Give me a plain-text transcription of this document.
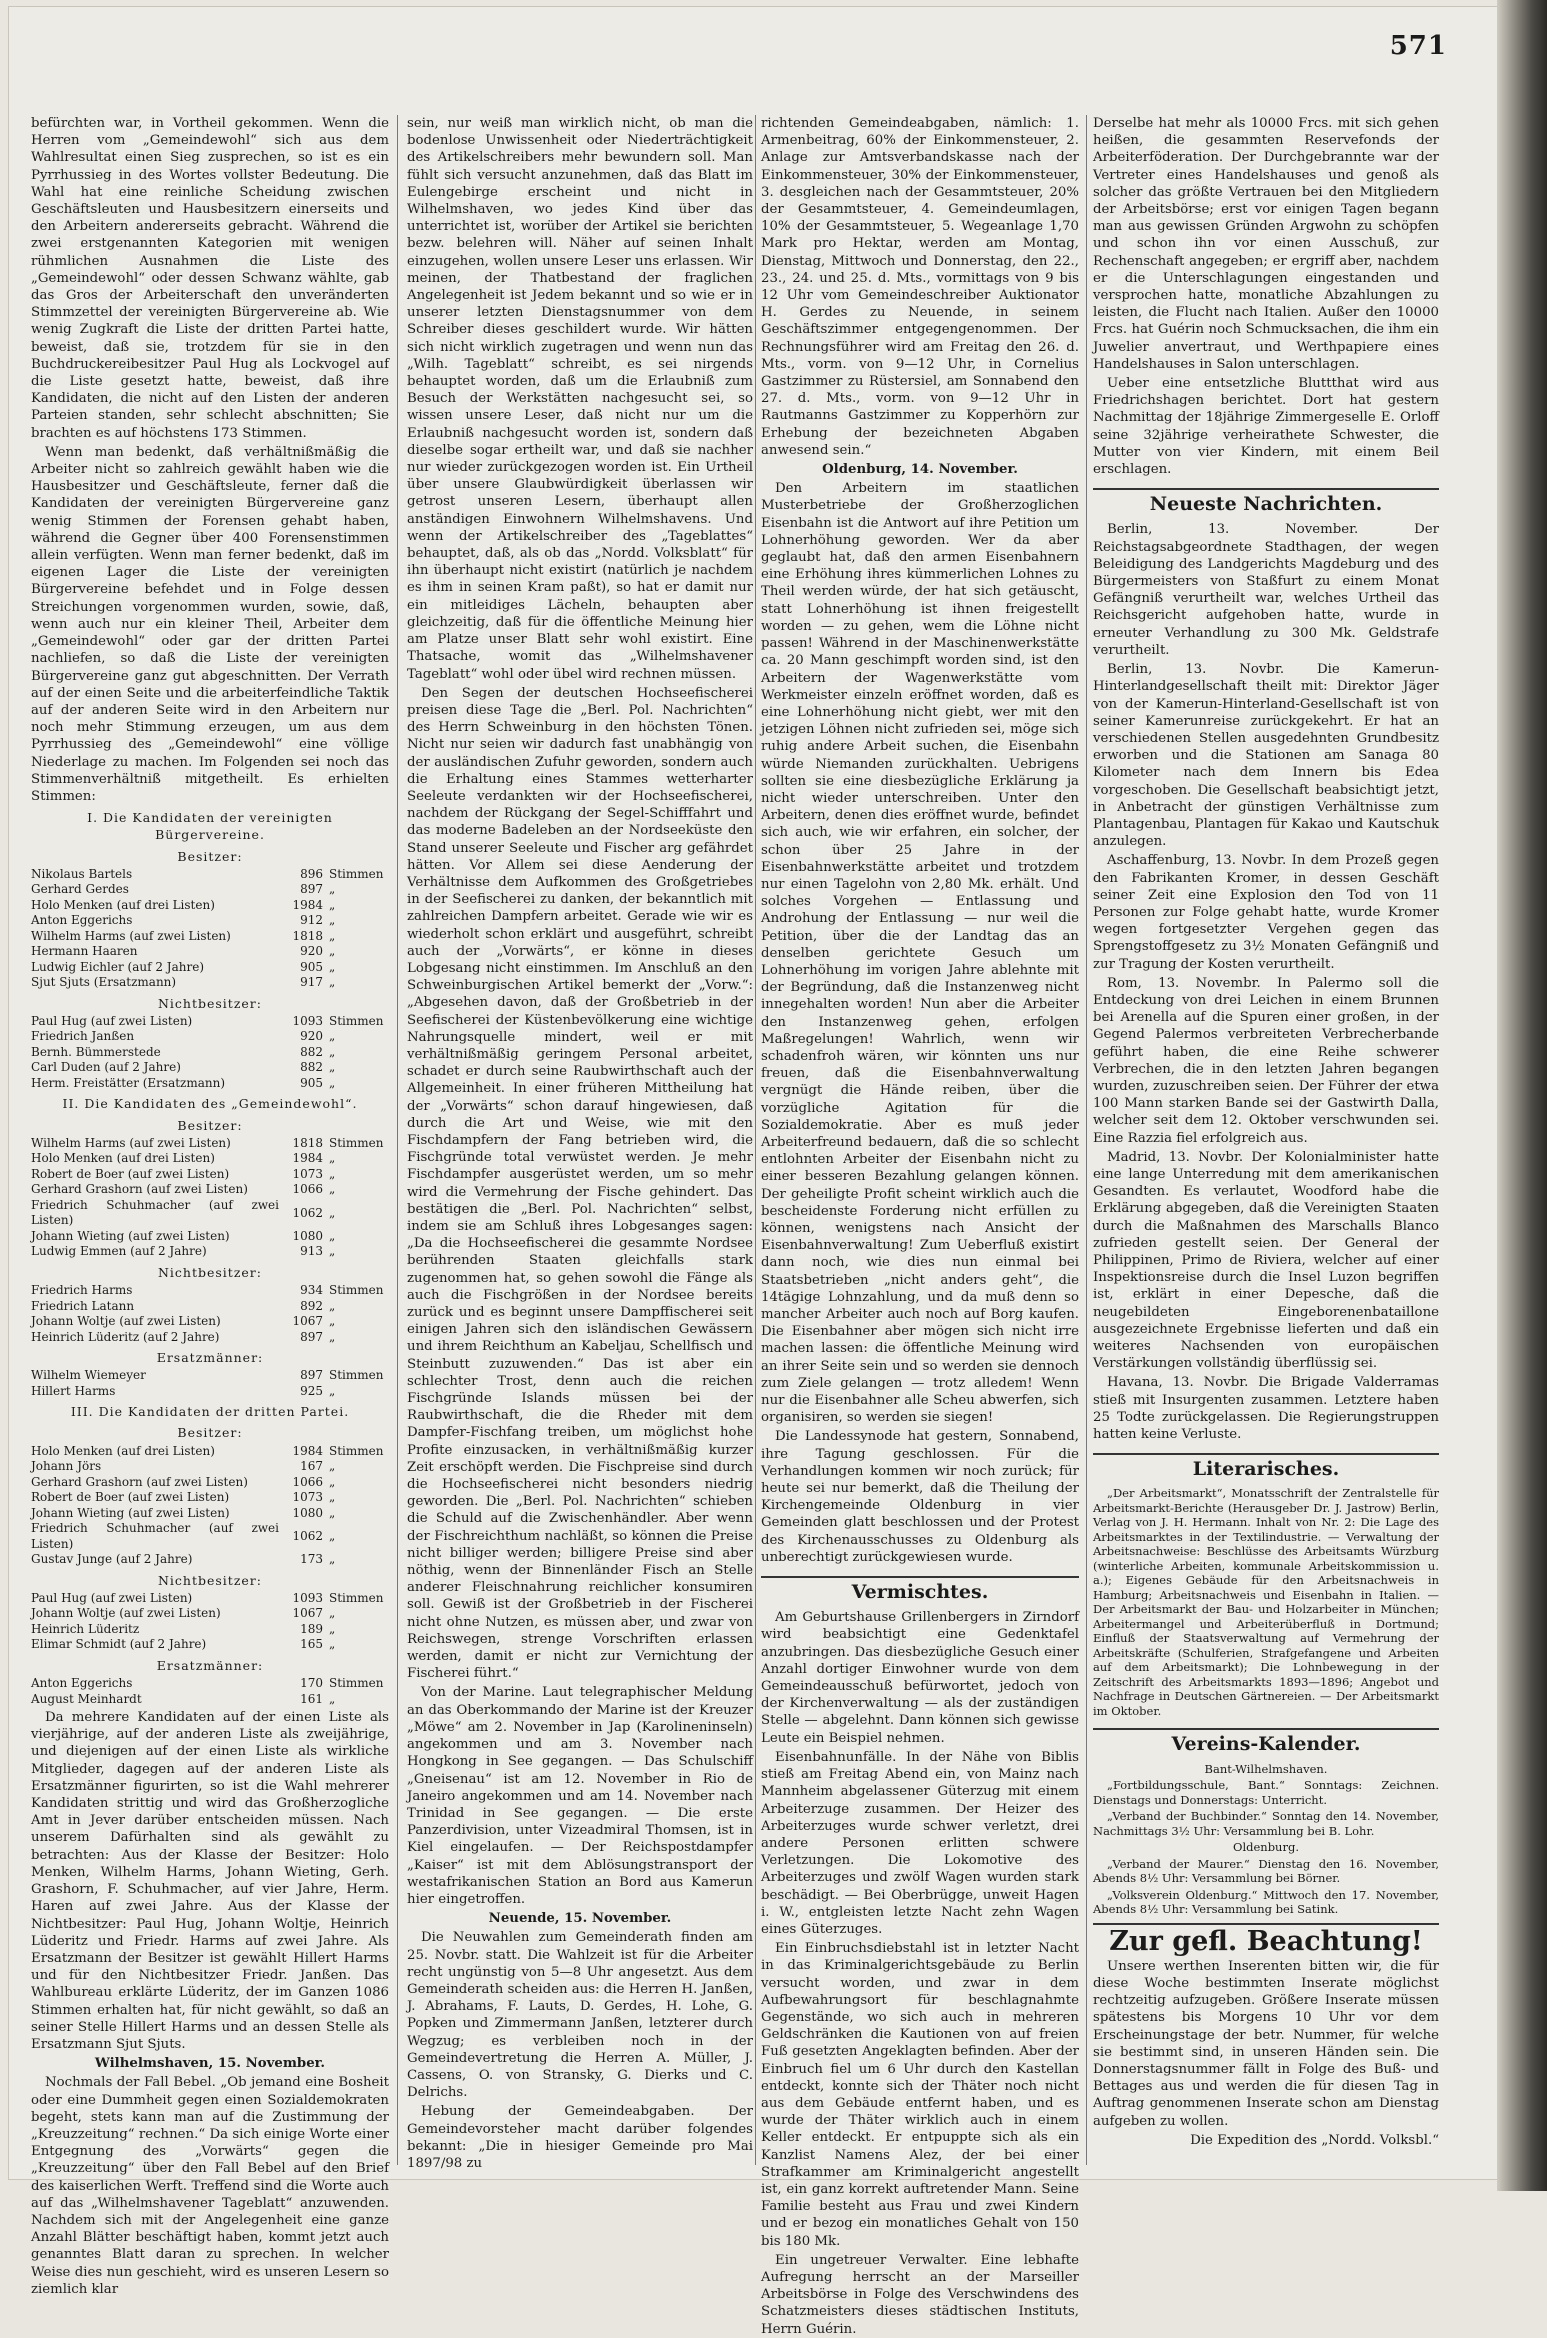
571

befürchten war, in Vortheil gekommen. Wenn die Herren vom „Gemeindewohl“ sich aus dem Wahlresultat einen Sieg zusprechen, so ist es ein Pyrrhussieg in des Wortes vollster Bedeutung. Die Wahl hat eine reinliche Scheidung zwischen Geschäftsleuten und Hausbesitzern einerseits und den Arbeitern andererseits gebracht. Während die zwei erstgenannten Kategorien mit wenigen rühmlichen Ausnahmen die Liste des „Gemeindewohl“ oder dessen Schwanz wählte, gab das Gros der Arbeiterschaft den unveränderten Stimmzettel der vereinigten Bürgervereine ab. Wie wenig Zugkraft die Liste der dritten Partei hatte, beweist, daß sie, trotzdem für sie in den Buchdruckereibesitzer Paul Hug als Lockvogel auf die Liste gesetzt hatte, beweist, daß ihre Kandidaten, die nicht auf den Listen der anderen Parteien standen, sehr schlecht abschnitten; Sie brachten es auf höchstens 173 Stimmen.

Wenn man bedenkt, daß verhältnißmäßig die Arbeiter nicht so zahlreich gewählt haben wie die Hausbesitzer und Geschäftsleute, ferner daß die Kandidaten der vereinigten Bürgervereine ganz wenig Stimmen der Forensen gehabt haben, während die Gegner über 400 Forensenstimmen allein verfügten. Wenn man ferner bedenkt, daß im eigenen Lager die Liste der vereinigten Bürgervereine befehdet und in Folge dessen Streichungen vorgenommen wurden, sowie, daß, wenn auch nur ein kleiner Theil, Arbeiter dem „Gemeindewohl“ oder gar der dritten Partei nachliefen, so daß die Liste der vereinigten Bürgervereine ganz gut abgeschnitten. Der Verrath auf der einen Seite und die arbeiterfeindliche Taktik auf der anderen Seite wird in den Arbeitern nur noch mehr Stimmung erzeugen, um aus dem Pyrrhussieg des „Gemeindewohl“ eine völlige Niederlage zu machen. Im Folgenden sei noch das Stimmenverhältniß mitgetheilt. Es erhielten Stimmen:

I. Die Kandidaten der vereinigten Bürgervereine.
Besitzer:
Nikolaus Bartels	896	Stimmen
Gerhard Gerdes	897	„
Holo Menken (auf drei Listen)	1984	„
Anton Eggerichs	912	„
Wilhelm Harms (auf zwei Listen)	1818	„
Hermann Haaren	920	„
Ludwig Eichler (auf 2 Jahre)	905	„
Sjut Sjuts (Ersatzmann)	917	„
Nichtbesitzer:
Paul Hug (auf zwei Listen)	1093	Stimmen
Friedrich Janßen	920	„
Bernh. Bümmerstede	882	„
Carl Duden (auf 2 Jahre)	882	„
Herm. Freistätter (Ersatzmann)	905	„
II. Die Kandidaten des „Gemeindewohl“.
Besitzer:
Wilhelm Harms (auf zwei Listen)	1818	Stimmen
Holo Menken (auf drei Listen)	1984	„
Robert de Boer (auf zwei Listen)	1073	„
Gerhard Grashorn (auf zwei Listen)	1066	„
Friedrich Schuhmacher (auf zwei Listen)	1062	„
Johann Wieting (auf zwei Listen)	1080	„
Ludwig Emmen (auf 2 Jahre)	913	„
Nichtbesitzer:
Friedrich Harms	934	Stimmen
Friedrich Latann	892	„
Johann Woltje (auf zwei Listen)	1067	„
Heinrich Lüderitz (auf 2 Jahre)	897	„
Ersatzmänner:
Wilhelm Wiemeyer	897	Stimmen
Hillert Harms	925	„
III. Die Kandidaten der dritten Partei.
Besitzer:
Holo Menken (auf drei Listen)	1984	Stimmen
Johann Jörs	167	„
Gerhard Grashorn (auf zwei Listen)	1066	„
Robert de Boer (auf zwei Listen)	1073	„
Johann Wieting (auf zwei Listen)	1080	„
Friedrich Schuhmacher (auf zwei Listen)	1062	„
Gustav Junge (auf 2 Jahre)	173	„
Nichtbesitzer:
Paul Hug (auf zwei Listen)	1093	Stimmen
Johann Woltje (auf zwei Listen)	1067	„
Heinrich Lüderitz	189	„
Elimar Schmidt (auf 2 Jahre)	165	„
Ersatzmänner:
Anton Eggerichs	170	Stimmen
August Meinhardt	161	„

Da mehrere Kandidaten auf der einen Liste als vierjährige, auf der anderen Liste als zweijährige, und diejenigen auf der einen Liste als wirkliche Mitglieder, dagegen auf der anderen Liste als Ersatzmänner figurirten, so ist die Wahl mehrerer Kandidaten strittig und wird das Großherzogliche Amt in Jever darüber entscheiden müssen. Nach unserem Dafürhalten sind als gewählt zu betrachten: Aus der Klasse der Besitzer: Holo Menken, Wilhelm Harms, Johann Wieting, Gerh. Grashorn, F. Schuhmacher, auf vier Jahre, Herm. Haren auf zwei Jahre. Aus der Klasse der Nichtbesitzer: Paul Hug, Johann Woltje, Heinrich Lüderitz und Friedr. Harms auf zwei Jahre. Als Ersatzmann der Besitzer ist gewählt Hillert Harms und für den Nichtbesitzer Friedr. Janßen. Das Wahlbureau erklärte Lüderitz, der im Ganzen 1086 Stimmen erhalten hat, für nicht gewählt, so daß an seiner Stelle Hillert Harms und an dessen Stelle als Ersatzmann Sjut Sjuts.

Wilhelmshaven, 15. November.

Nochmals der Fall Bebel. „Ob jemand eine Bosheit oder eine Dummheit gegen einen Sozialdemokraten begeht, stets kann man auf die Zustimmung der „Kreuzzeitung“ rechnen.“ Da sich einige Worte einer Entgegnung des „Vorwärts“ gegen die „Kreuzzeitung“ über den Fall Bebel auf den Brief des kaiserlichen Werft. Treffend sind die Worte auch auf das „Wilhelmshavener Tageblatt“ anzuwenden. Nachdem sich mit der Angelegenheit eine ganze Anzahl Blätter beschäftigt haben, kommt jetzt auch genanntes Blatt daran zu sprechen. In welcher Weise dies nun geschieht, wird es unseren Lesern so ziemlich klar

sein, nur weiß man wirklich nicht, ob man die bodenlose Unwissenheit oder Niederträchtigkeit des Artikelschreibers mehr bewundern soll. Man fühlt sich versucht anzunehmen, daß das Blatt im Eulengebirge erscheint und nicht in Wilhelmshaven, wo jedes Kind über das unterrichtet ist, worüber der Artikel sie berichten bezw. belehren will. Näher auf seinen Inhalt einzugehen, wollen unsere Leser uns erlassen. Wir meinen, der Thatbestand der fraglichen Angelegenheit ist Jedem bekannt und so wie er in unserer letzten Dienstagsnummer von dem Schreiber dieses geschildert wurde. Wir hätten sich nicht wirklich zugetragen und wenn nun das „Wilh. Tageblatt“ schreibt, es sei nirgends behauptet worden, daß um die Erlaubniß zum Besuch der Werkstätten nachgesucht sei, so wissen unsere Leser, daß nicht nur um die Erlaubniß nachgesucht worden ist, sondern daß dieselbe sogar ertheilt war, und daß sie nachher nur wieder zurückgezogen worden ist. Ein Urtheil über unsere Glaubwürdigkeit überlassen wir getrost unseren Lesern, überhaupt allen anständigen Einwohnern Wilhelmshavens. Und wenn der Artikelschreiber des „Tageblattes“ behauptet, daß, als ob das „Nordd. Volksblatt“ für ihn überhaupt nicht existirt (natürlich je nachdem es ihm in seinen Kram paßt), so hat er damit nur ein mitleidiges Lächeln, behaupten aber gleichzeitig, daß für die öffentliche Meinung hier am Platze unser Blatt sehr wohl existirt. Eine Thatsache, womit das „Wilhelmshavener Tageblatt“ wohl oder übel wird rechnen müssen.

Den Segen der deutschen Hochseefischerei preisen diese Tage die „Berl. Pol. Nachrichten“ des Herrn Schweinburg in den höchsten Tönen. Nicht nur seien wir dadurch fast unabhängig von der ausländischen Zufuhr geworden, sondern auch die Erhaltung eines Stammes wetterharter Seeleute verdankten wir der Hochseefischerei, nachdem der Rückgang der Segel-Schifffahrt und das moderne Badeleben an der Nordseeküste den Stand unserer Seeleute und Fischer arg gefährdet hätten. Vor Allem sei diese Aenderung der Verhältnisse dem Aufkommen des Großgetriebes in der Seefischerei zu danken, der bekanntlich mit zahlreichen Dampfern arbeitet. Gerade wie wir es wiederholt schon erklärt und ausgeführt, schreibt auch der „Vorwärts“, er könne in dieses Lobgesang nicht einstimmen. Im Anschluß an den Schweinburgischen Artikel bemerkt der „Vorw.“: „Abgesehen davon, daß der Großbetrieb in der Seefischerei der Küstenbevölkerung eine wichtige Nahrungsquelle mindert, weil er mit verhältnißmäßig geringem Personal arbeitet, schadet er durch seine Raubwirthschaft auch der Allgemeinheit. In einer früheren Mittheilung hat der „Vorwärts“ schon darauf hingewiesen, daß durch die Art und Weise, wie mit den Fischdampfern der Fang betrieben wird, die Fischgründe total verwüstet werden. Je mehr Fischdampfer ausgerüstet werden, um so mehr wird die Vermehrung der Fische gehindert. Das bestätigen die „Berl. Pol. Nachrichten“ selbst, indem sie am Schluß ihres Lobgesanges sagen: „Da die Hochseefischerei die gesammte Nordsee berührenden Staaten gleichfalls stark zugenommen hat, so gehen sowohl die Fänge als auch die Fischgrößen in der Nordsee bereits zurück und es beginnt unsere Dampffischerei seit einigen Jahren sich den isländischen Gewässern und ihrem Reichthum an Kabeljau, Schellfisch und Steinbutt zuzuwenden.“ Das ist aber ein schlechter Trost, denn auch die reichen Fischgründe Islands müssen bei der Raubwirthschaft, die die Rheder mit dem Dampfer-Fischfang treiben, um möglichst hohe Profite einzusacken, in verhältnißmäßig kurzer Zeit erschöpft werden. Die Fischpreise sind durch die Hochseefischerei nicht besonders niedrig geworden. Die „Berl. Pol. Nachrichten“ schieben die Schuld auf die Zwischenhändler. Aber wenn der Fischreichthum nachläßt, so können die Preise nicht billiger werden; billigere Preise sind aber nöthig, wenn der Binnenländer Fisch an Stelle anderer Fleischnahrung reichlicher konsumiren soll. Gewiß ist der Großbetrieb in der Fischerei nicht ohne Nutzen, es müssen aber, und zwar von Reichswegen, strenge Vorschriften erlassen werden, damit er nicht zur Vernichtung der Fischerei führt.“

Von der Marine. Laut telegraphischer Meldung an das Oberkommando der Marine ist der Kreuzer „Möwe“ am 2. November in Jap (Karolineninseln) angekommen und am 3. November nach Hongkong in See gegangen. — Das Schulschiff „Gneisenau“ ist am 12. November in Rio de Janeiro angekommen und am 14. November nach Trinidad in See gegangen. — Die erste Panzerdivision, unter Vizeadmiral Thomsen, ist in Kiel eingelaufen. — Der Reichspostdampfer „Kaiser“ ist mit dem Ablösungstransport der westafrikanischen Station an Bord aus Kamerun hier eingetroffen.

Neuende, 15. November.

Die Neuwahlen zum Gemeinderath finden am 25. Novbr. statt. Die Wahlzeit ist für die Arbeiter recht ungünstig von 5—8 Uhr angesetzt. Aus dem Gemeinderath scheiden aus: die Herren H. Janßen, J. Abrahams, F. Lauts, D. Gerdes, H. Lohe, G. Popken und Zimmermann Janßen, letzterer durch Wegzug; es verbleiben noch in der Gemeindevertretung die Herren A. Müller, J. Cassens, O. von Stransky, G. Dierks und C. Delrichs.

Hebung der Gemeindeabgaben. Der Gemeindevorsteher macht darüber folgendes bekannt: „Die in hiesiger Gemeinde pro Mai 1897/98 zu

richtenden Gemeindeabgaben, nämlich: 1. Armenbeitrag, 60% der Einkommensteuer, 2. Anlage zur Amtsverbandskasse nach der Einkommensteuer, 30% der Einkommensteuer, 3. desgleichen nach der Gesammtsteuer, 20% der Gesammtsteuer, 4. Gemeindeumlagen, 10% der Gesammtsteuer, 5. Wegeanlage 1,70 Mark pro Hektar, werden am Montag, Dienstag, Mittwoch und Donnerstag, den 22., 23., 24. und 25. d. Mts., vormittags von 9 bis 12 Uhr vom Gemeindeschreiber Auktionator H. Gerdes zu Neuende, in seinem Geschäftszimmer entgegengenommen. Der Rechnungsführer wird am Freitag den 26. d. Mts., vorm. von 9—12 Uhr, in Cornelius Gastzimmer zu Rüstersiel, am Sonnabend den 27. d. Mts., vorm. von 9—12 Uhr in Rautmanns Gastzimmer zu Kopperhörn zur Erhebung der bezeichneten Abgaben anwesend sein.“

Oldenburg, 14. November.

Den Arbeitern im staatlichen Musterbetriebe der Großherzoglichen Eisenbahn ist die Antwort auf ihre Petition um Lohnerhöhung geworden. Wer da aber geglaubt hat, daß den armen Eisenbahnern eine Erhöhung ihres kümmerlichen Lohnes zu Theil werden würde, der hat sich getäuscht, statt Lohnerhöhung ist ihnen freigestellt worden — zu gehen, wem die Löhne nicht passen! Während in der Maschinenwerkstätte ca. 20 Mann geschimpft worden sind, ist den Arbeitern der Wagenwerkstätte vom Werkmeister einzeln eröffnet worden, daß es eine Lohnerhöhung nicht giebt, wer mit den jetzigen Löhnen nicht zufrieden sei, möge sich ruhig andere Arbeit suchen, die Eisenbahn würde Niemanden zurückhalten. Uebrigens sollten sie eine diesbezügliche Erklärung ja nicht wieder unterschreiben. Unter den Arbeitern, denen dies eröffnet wurde, befindet sich auch, wie wir erfahren, ein solcher, der schon über 25 Jahre in der Eisenbahnwerkstätte arbeitet und trotzdem nur einen Tagelohn von 2,80 Mk. erhält. Und solches Vorgehen — Entlassung und Androhung der Entlassung — nur weil die Petition, über die der Landtag das an denselben gerichtete Gesuch um Lohnerhöhung im vorigen Jahre ablehnte mit der Begründung, daß die Instanzenweg nicht innegehalten worden! Nun aber die Arbeiter den Instanzenweg gehen, erfolgen Maßregelungen! Wahrlich, wenn wir schadenfroh wären, wir könnten uns nur freuen, daß die Eisenbahnverwaltung vergnügt die Hände reiben, über die vorzügliche Agitation für die Sozialdemokratie. Aber es muß jeder Arbeiterfreund bedauern, daß die so schlecht entlohnten Arbeiter der Eisenbahn nicht zu einer besseren Bezahlung gelangen können. Der geheiligte Profit scheint wirklich auch die bescheidenste Forderung nicht erfüllen zu können, wenigstens nach Ansicht der Eisenbahnverwaltung! Zum Ueberfluß existirt dann noch, wie dies nun einmal bei Staatsbetrieben „nicht anders geht“, die 14tägige Lohnzahlung, und da muß denn so mancher Arbeiter auch noch auf Borg kaufen. Die Eisenbahner aber mögen sich nicht irre machen lassen: die öffentliche Meinung wird an ihrer Seite sein und so werden sie dennoch zum Ziele gelangen — trotz alledem! Wenn nur die Eisenbahner alle Scheu abwerfen, sich organisiren, so werden sie siegen!

Die Landessynode hat gestern, Sonnabend, ihre Tagung geschlossen. Für die Verhandlungen kommen wir noch zurück; für heute sei nur bemerkt, daß die Theilung der Kirchengemeinde Oldenburg in vier Gemeinden glatt beschlossen und der Protest des Kirchenausschusses zu Oldenburg als unberechtigt zurückgewiesen wurde.

Vermischtes.

Am Geburtshause Grillenbergers in Zirndorf wird beabsichtigt eine Gedenktafel anzubringen. Das diesbezügliche Gesuch einer Anzahl dortiger Einwohner wurde von dem Gemeindeausschuß befürwortet, jedoch von der Kirchenverwaltung — als der zuständigen Stelle — abgelehnt. Dann können sich gewisse Leute ein Beispiel nehmen.

Eisenbahnunfälle. In der Nähe von Biblis stieß am Freitag Abend ein, von Mainz nach Mannheim abgelassener Güterzug mit einem Arbeiterzuge zusammen. Der Heizer des Arbeiterzuges wurde schwer verletzt, drei andere Personen erlitten schwere Verletzungen. Die Lokomotive des Arbeiterzuges und zwölf Wagen wurden stark beschädigt. — Bei Oberbrügge, unweit Hagen i. W., entgleisten letzte Nacht zehn Wagen eines Güterzuges.

Ein Einbruchsdiebstahl ist in letzter Nacht in das Kriminalgerichtsgebäude zu Berlin versucht worden, und zwar in dem Aufbewahrungsort für beschlagnahmte Gegenstände, wo sich auch in mehreren Geldschränken die Kautionen von auf freien Fuß gesetzten Angeklagten befinden. Aber der Einbruch fiel um 6 Uhr durch den Kastellan entdeckt, konnte sich der Thäter noch nicht aus dem Gebäude entfernt haben, und es wurde der Thäter wirklich auch in einem Keller entdeckt. Er entpuppte sich als ein Kanzlist Namens Alez, der bei einer Strafkammer am Kriminalgericht angestellt ist, ein ganz korrekt auftretender Mann. Seine Familie besteht aus Frau und zwei Kindern und er bezog ein monatliches Gehalt von 150 bis 180 Mk.

Ein ungetreuer Verwalter. Eine lebhafte Aufregung herrscht an der Marseiller Arbeitsbörse in Folge des Verschwindens des Schatzmeisters dieses städtischen Instituts, Herrn Guérin.

Derselbe hat mehr als 10000 Frcs. mit sich gehen heißen, die gesammten Reservefonds der Arbeiterföderation. Der Durchgebrannte war der Vertreter eines Handelshauses und genoß als solcher das größte Vertrauen bei den Mitgliedern der Arbeitsbörse; erst vor einigen Tagen begann man aus gewissen Gründen Argwohn zu schöpfen und schon ihn vor einen Ausschuß, zur Rechenschaft angegeben; er ergriff aber, nachdem er die Unterschlagungen eingestanden und versprochen hatte, monatliche Abzahlungen zu leisten, die Flucht nach Italien. Außer den 10000 Frcs. hat Guérin noch Schmucksachen, die ihm ein Juwelier anvertraut, und Werthpapiere eines Handelshauses in Salon unterschlagen.

Ueber eine entsetzliche Bluttthat wird aus Friedrichshagen berichtet. Dort hat gestern Nachmittag der 18jährige Zimmergeselle E. Orloff seine 32jährige verheirathete Schwester, die Mutter von vier Kindern, mit einem Beil erschlagen.

Neueste Nachrichten.

Berlin, 13. November. Der Reichstagsabgeordnete Stadthagen, der wegen Beleidigung des Landgerichts Magdeburg und des Bürgermeisters von Staßfurt zu einem Monat Gefängniß verurtheilt war, welches Urtheil das Reichsgericht aufgehoben hatte, wurde in erneuter Verhandlung zu 300 Mk. Geldstrafe verurtheilt.

Berlin, 13. Novbr. Die Kamerun-Hinterlandgesellschaft theilt mit: Direktor Jäger von der Kamerun-Hinterland-Gesellschaft ist von seiner Kamerunreise zurückgekehrt. Er hat an verschiedenen Stellen ausgedehnten Grundbesitz erworben und die Stationen am Sanaga 80 Kilometer nach dem Innern bis Edea vorgeschoben. Die Gesellschaft beabsichtigt jetzt, in Anbetracht der günstigen Verhältnisse zum Plantagenbau, Plantagen für Kakao und Kautschuk anzulegen.

Aschaffenburg, 13. Novbr. In dem Prozeß gegen den Fabrikanten Kromer, in dessen Geschäft seiner Zeit eine Explosion den Tod von 11 Personen zur Folge gehabt hatte, wurde Kromer wegen fortgesetzter Vergehen gegen das Sprengstoffgesetz zu 3½ Monaten Gefängniß und zur Tragung der Kosten verurtheilt.

Rom, 13. Novembr. In Palermo soll die Entdeckung von drei Leichen in einem Brunnen bei Arenella auf die Spuren einer großen, in der Gegend Palermos verbreiteten Verbrecherbande geführt haben, die eine Reihe schwerer Verbrechen, die in den letzten Jahren begangen wurden, zuzuschreiben seien. Der Führer der etwa 100 Mann starken Bande sei der Gastwirth Dalla, welcher seit dem 12. Oktober verschwunden sei. Eine Razzia fiel erfolgreich aus.

Madrid, 13. Novbr. Der Kolonialminister hatte eine lange Unterredung mit dem amerikanischen Gesandten. Es verlautet, Woodford habe die Erklärung abgegeben, daß die Vereinigten Staaten durch die Maßnahmen des Marschalls Blanco zufrieden gestellt seien. Der General der Philippinen, Primo de Riviera, welcher auf einer Inspektionsreise durch die Insel Luzon begriffen ist, erklärt in einer Depesche, daß die neugebildeten Eingeborenenbataillone ausgezeichnete Ergebnisse lieferten und daß ein weiteres Nachsenden von europäischen Verstärkungen vollständig überflüssig sei.

Havana, 13. Novbr. Die Brigade Valderramas stieß mit Insurgenten zusammen. Letztere haben 25 Todte zurückgelassen. Die Regierungstruppen hatten keine Verluste.

Literarisches.

„Der Arbeitsmarkt“, Monatsschrift der Zentralstelle für Arbeitsmarkt-Berichte (Herausgeber Dr. J. Jastrow) Berlin, Verlag von J. H. Hermann. Inhalt von Nr. 2: Die Lage des Arbeitsmarktes in der Textilindustrie. — Verwaltung der Arbeitsnachweise: Beschlüsse des Arbeitsamts Würzburg (winterliche Arbeiten, kommunale Arbeitskommission u. a.); Eigenes Gebäude für den Arbeitsnachweis in Hamburg; Arbeitsnachweis und Eisenbahn in Italien. — Der Arbeitsmarkt der Bau- und Holzarbeiter in München; Arbeitermangel und Arbeiterüberfluß in Dortmund; Einfluß der Staatsverwaltung auf Vermehrung der Arbeitskräfte (Schulferien, Strafgefangene und Arbeiten auf dem Arbeitsmarkt); Die Lohnbewegung in der Zeitschrift des Arbeitsmarkts 1893—1896; Angebot und Nachfrage in Deutschen Gärtnereien. — Der Arbeitsmarkt im Oktober.

Vereins-Kalender.

Bant-Wilhelmshaven.

„Fortbildungsschule, Bant.“ Sonntags: Zeichnen. Dienstags und Donnerstags: Unterricht.

„Verband der Buchbinder.“ Sonntag den 14. November, Nachmittags 3½ Uhr: Versammlung bei B. Lohr.

Oldenburg.

„Verband der Maurer.“ Dienstag den 16. November, Abends 8½ Uhr: Versammlung bei Börner.

„Volksverein Oldenburg.“ Mittwoch den 17. November, Abends 8½ Uhr: Versammlung bei Satink.

Zur gefl. Beachtung!

Unsere werthen Inserenten bitten wir, die für diese Woche bestimmten Inserate möglichst rechtzeitig aufzugeben. Größere Inserate müssen spätestens bis Morgens 10 Uhr vor dem Erscheinungstage der betr. Nummer, für welche sie bestimmt sind, in unseren Händen sein. Die Donnerstagsnummer fällt in Folge des Buß- und Bettages aus und werden die für diesen Tag in Auftrag genommenen Inserate schon am Dienstag aufgeben zu wollen.

Die Expedition des „Nordd. Volksbl.“
